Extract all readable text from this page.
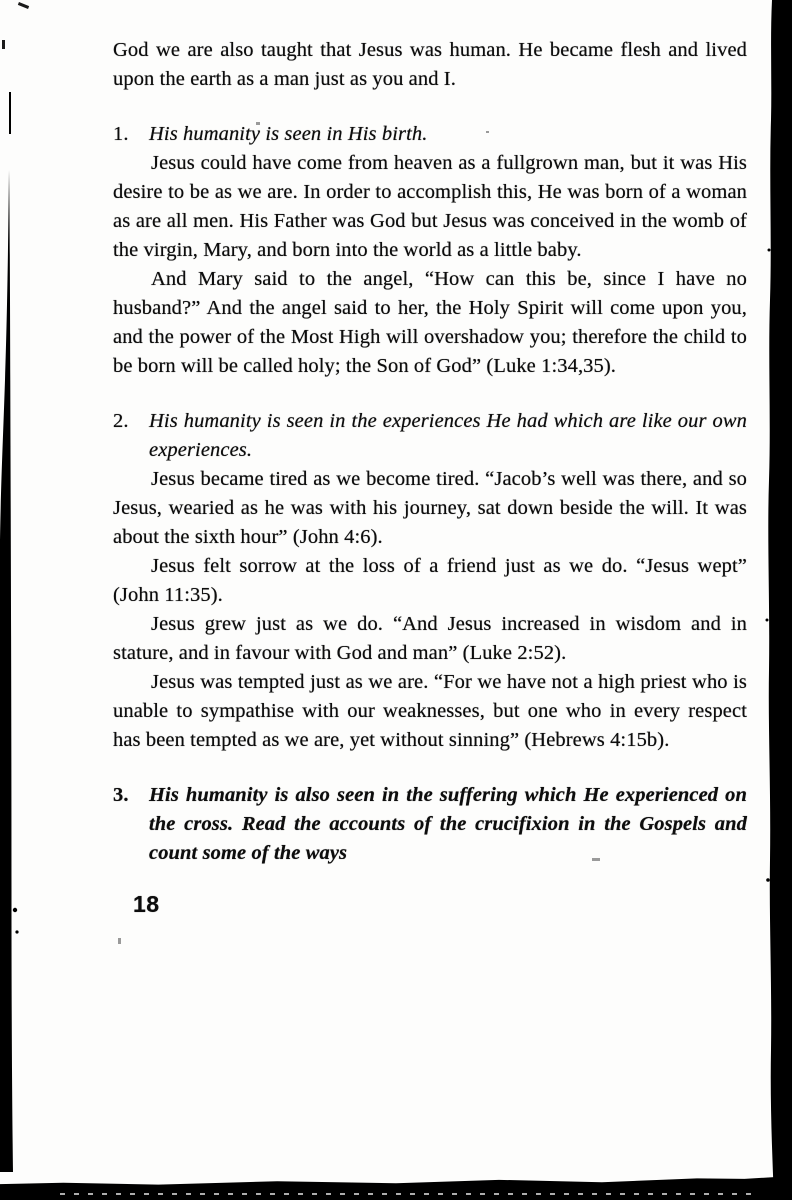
God we are also taught that Jesus was human. He became flesh and lived upon the earth as a man just as you and I.

1. His humanity is seen in His birth.

Jesus could have come from heaven as a fullgrown man, but it was His desire to be as we are. In order to accomplish this, He was born of a woman as are all men. His Father was God but Jesus was conceived in the womb of the virgin, Mary, and born into the world as a little baby.

And Mary said to the angel, “How can this be, since I have no husband?” And the angel said to her, the Holy Spirit will come upon you, and the power of the Most High will overshadow you; therefore the child to be born will be called holy; the Son of God” (Luke 1:34,35).

2. His humanity is seen in the experiences He had which are like our own experiences.

Jesus became tired as we become tired. “Jacob’s well was there, and so Jesus, wearied as he was with his journey, sat down beside the will. It was about the sixth hour” (John 4:6).

Jesus felt sorrow at the loss of a friend just as we do. “Jesus wept” (John 11:35).

Jesus grew just as we do. “And Jesus increased in wisdom and in stature, and in favour with God and man” (Luke 2:52).

Jesus was tempted just as we are. “For we have not a high priest who is unable to sympathise with our weaknesses, but one who in every respect has been tempted as we are, yet without sinning” (Hebrews 4:15b).

3. His humanity is also seen in the suffering which He experienced on the cross. Read the accounts of the crucifixion in the Gospels and count some of the ways
18
